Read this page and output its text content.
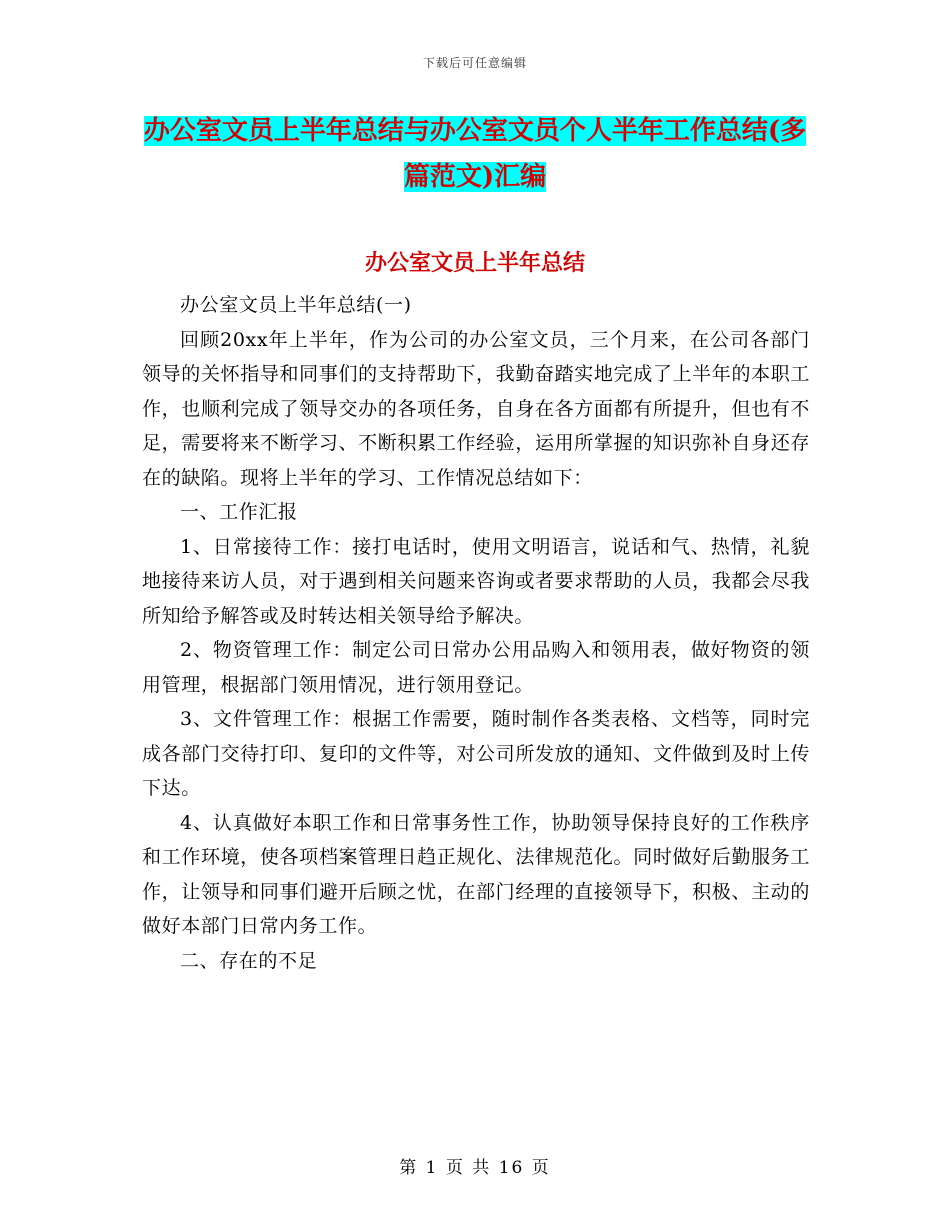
下载后可任意编辑
办公室文员上半年总结与办公室文员个人半年工作总结(多篇范文)汇编
办公室文员上半年总结

办公室文员上半年总结(一)

回顾20xx年上半年，作为公司的办公室文员，三个月来，在公司各部门领导的关怀指导和同事们的支持帮助下，我勤奋踏实地完成了上半年的本职工作，也顺利完成了领导交办的各项任务，自身在各方面都有所提升，但也有不足，需要将来不断学习、不断积累工作经验，运用所掌握的知识弥补自身还存在的缺陷。现将上半年的学习、工作情况总结如下：

一、工作汇报

1、日常接待工作：接打电话时，使用文明语言，说话和气、热情，礼貌地接待来访人员，对于遇到相关问题来咨询或者要求帮助的人员，我都会尽我所知给予解答或及时转达相关领导给予解决。

2、物资管理工作：制定公司日常办公用品购入和领用表，做好物资的领用管理，根据部门领用情况，进行领用登记。

3、文件管理工作：根据工作需要，随时制作各类表格、文档等，同时完成各部门交待打印、复印的文件等，对公司所发放的通知、文件做到及时上传下达。

4、认真做好本职工作和日常事务性工作，协助领导保持良好的工作秩序和工作环境，使各项档案管理日趋正规化、法律规范化。同时做好后勤服务工作，让领导和同事们避开后顾之忧，在部门经理的直接领导下，积极、主动的做好本部门日常内务工作。

二、存在的不足

第 1 页 共 16 页
